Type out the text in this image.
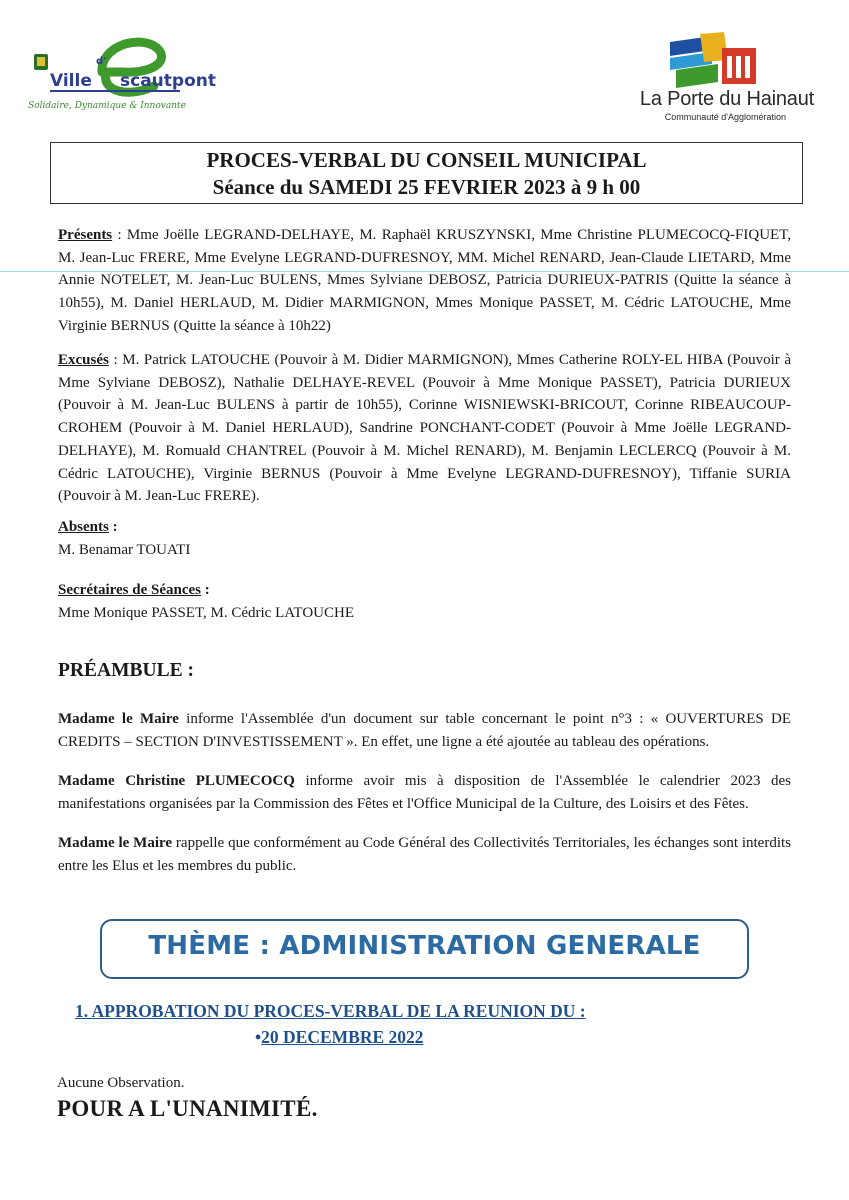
Ville
d'
scautpont
Solidaire, Dynamique & Innovante	La Porte du Hainaut
Communauté d'Agglomération
PROCES-VERBAL DU CONSEIL MUNICIPAL
Séance du SAMEDI 25 FEVRIER 2023 à 9 h 00
Présents : Mme Joëlle LEGRAND-DELHAYE, M. Raphaël KRUSZYNSKI, Mme Christine PLUMECOCQ-FIQUET, M. Jean-Luc FRERE, Mme Evelyne LEGRAND-DUFRESNOY, MM. Michel RENARD, Jean-Claude LIETARD, Mme Annie NOTELET, M. Jean-Luc BULENS, Mmes Sylviane DEBOSZ, Patricia DURIEUX-PATRIS (Quitte la séance à 10h55), M. Daniel HERLAUD, M. Didier MARMIGNON, Mmes Monique PASSET, M. Cédric LATOUCHE, Mme Virginie BERNUS (Quitte la séance à 10h22)
Excusés : M. Patrick LATOUCHE (Pouvoir à M. Didier MARMIGNON), Mmes Catherine ROLY-EL HIBA (Pouvoir à Mme Sylviane DEBOSZ), Nathalie DELHAYE-REVEL (Pouvoir à Mme Monique PASSET), Patricia DURIEUX (Pouvoir à M. Jean-Luc BULENS à partir de 10h55), Corinne WISNIEWSKI-BRICOUT, Corinne RIBEAUCOUP-CROHEM (Pouvoir à M. Daniel HERLAUD), Sandrine PONCHANT-CODET (Pouvoir à Mme Joëlle LEGRAND-DELHAYE), M. Romuald CHANTREL (Pouvoir à M. Michel RENARD), M. Benjamin LECLERCQ (Pouvoir à M. Cédric LATOUCHE), Virginie BERNUS (Pouvoir à Mme Evelyne LEGRAND-DUFRESNOY), Tiffanie SURIA (Pouvoir à M. Jean-Luc FRERE).
Absents :
M. Benamar TOUATI
Secrétaires de Séances :
Mme Monique PASSET, M. Cédric LATOUCHE
PRÉAMBULE :
Madame le Maire informe l'Assemblée d'un document sur table concernant le point n°3 : « OUVERTURES DE CREDITS – SECTION D'INVESTISSEMENT ». En effet, une ligne a été ajoutée au tableau des opérations.
Madame Christine PLUMECOCQ informe avoir mis à disposition de l'Assemblée le calendrier 2023 des manifestations organisées par la Commission des Fêtes et l'Office Municipal de la Culture, des Loisirs et des Fêtes.
Madame le Maire rappelle que conformément au Code Général des Collectivités Territoriales, les échanges sont interdits entre les Elus et les membres du public.
THÈME : ADMINISTRATION GENERALE
1. APPROBATION DU PROCES-VERBAL DE LA REUNION DU :
•20 DECEMBRE 2022
Aucune Observation.
POUR A L'UNANIMITÉ.
